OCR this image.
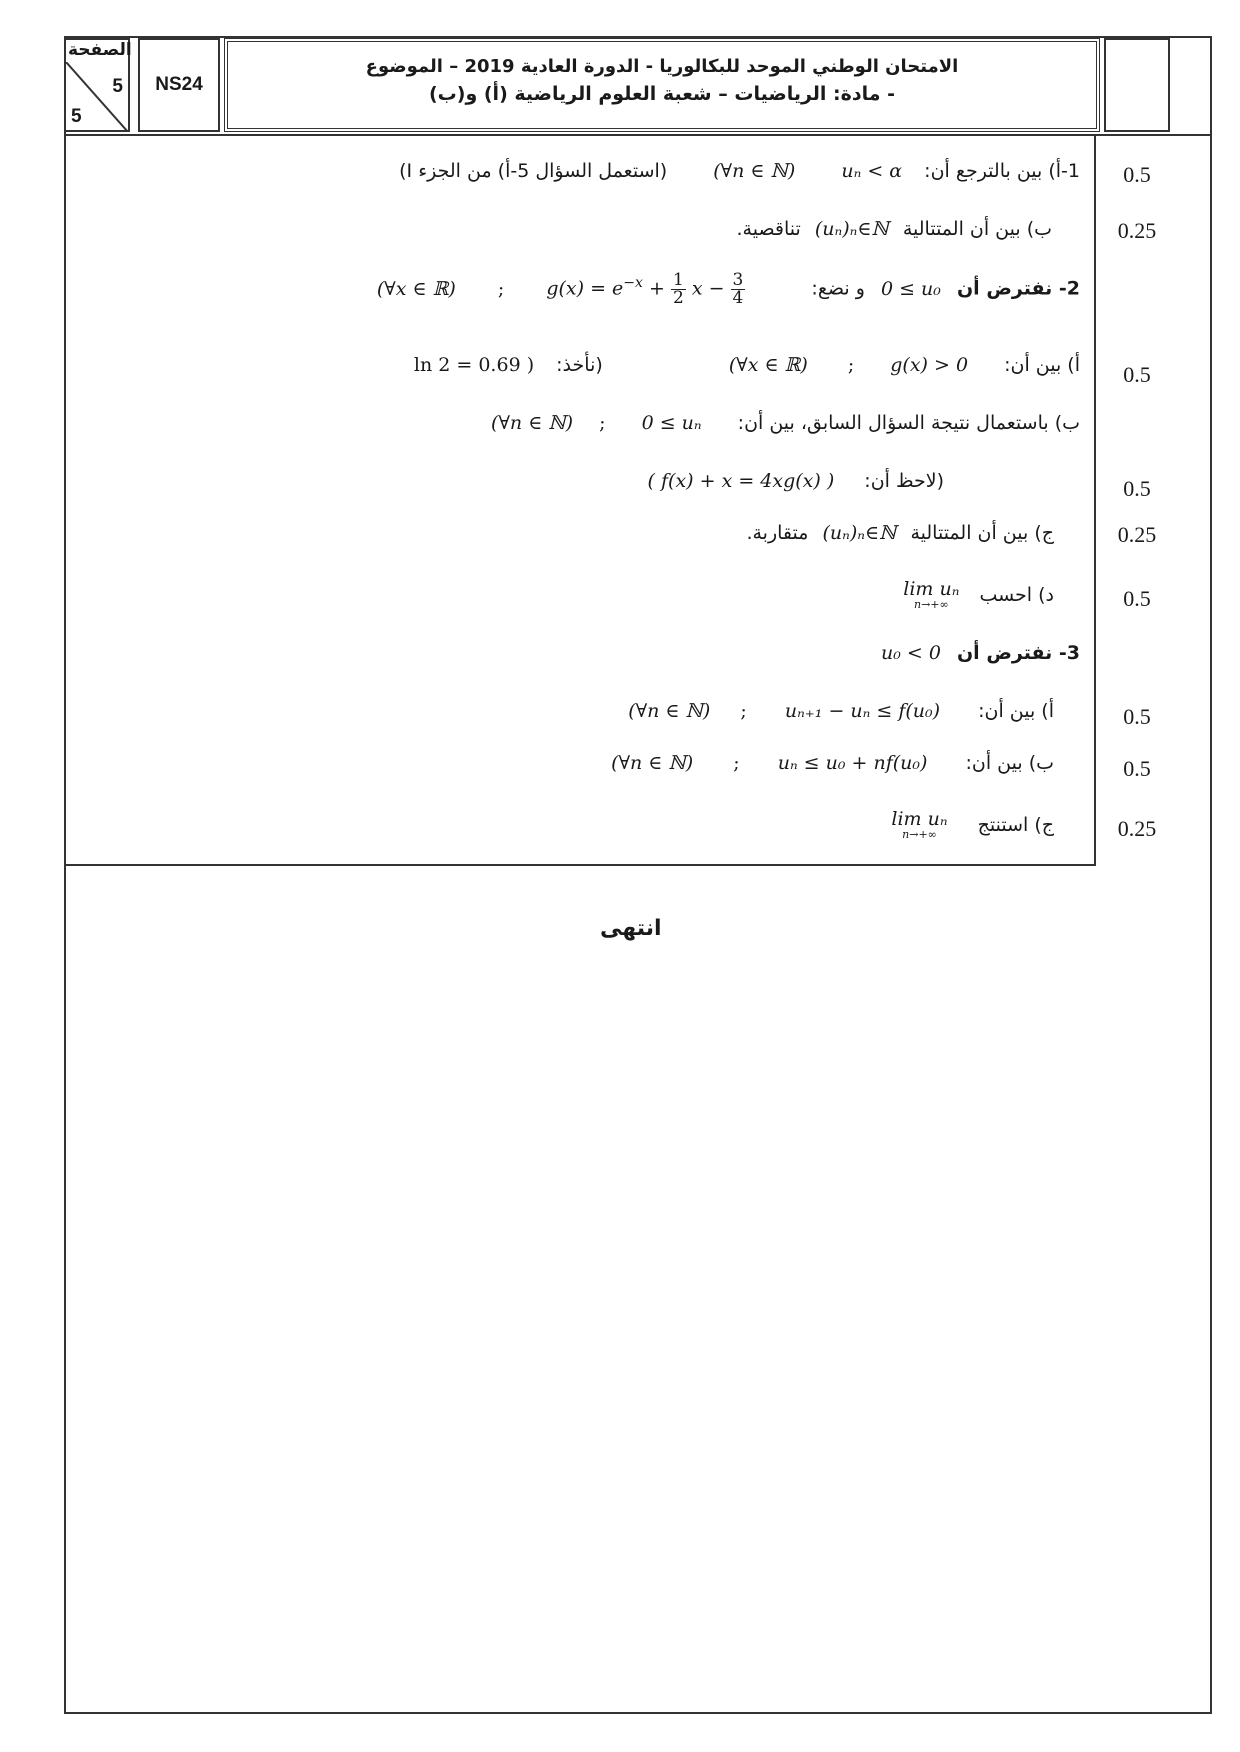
الصفحة
5
5
NS24
الامتحان الوطني الموحد للبكالوريا - الدورة العادية 2019 – الموضوع
- مادة: الرياضيات – شعبة العلوم الرياضية (أ) و(ب)
1-أ) بين بالترجع أن: uₙ < α (∀n ∈ ℕ) (استعمل السؤال 5-أ) من الجزء I)	0.5
ب) بين أن المتتالية (uₙ)ₙ∈ℕ تناقصية.	0.25
2- نفترض أن 0 ≤ u₀ و نضع: $g(x) = e^{-x} + \frac{1}{2}$ $x - \frac{3}{4}$
; (∀x ∈ ℝ)
أ) بين أن: g(x) > 0 ; (∀x ∈ ℝ) (نأخذ: ln 2 = 0.69 )	0.5
ب) باستعمال نتيجة السؤال السابق، بين أن: 0 ≤ uₙ ; (∀n ∈ ℕ)
(لاحظ أن: ( f(x) + x = 4xg(x) )	0.5
ج) بين أن المتتالية (uₙ)ₙ∈ℕ متقاربة.	0.25
د) احسب lim uₙ
n→+∞	0.5
3- نفترض أن u₀ < 0
أ) بين أن: uₙ₊₁ − uₙ ≤ f(u₀) ; (∀n ∈ ℕ)	0.5
ب) بين أن: uₙ ≤ u₀ + nf(u₀) ; (∀n ∈ ℕ)	0.5
ج) استنتج lim uₙ
n→+∞	0.25
انتهى
